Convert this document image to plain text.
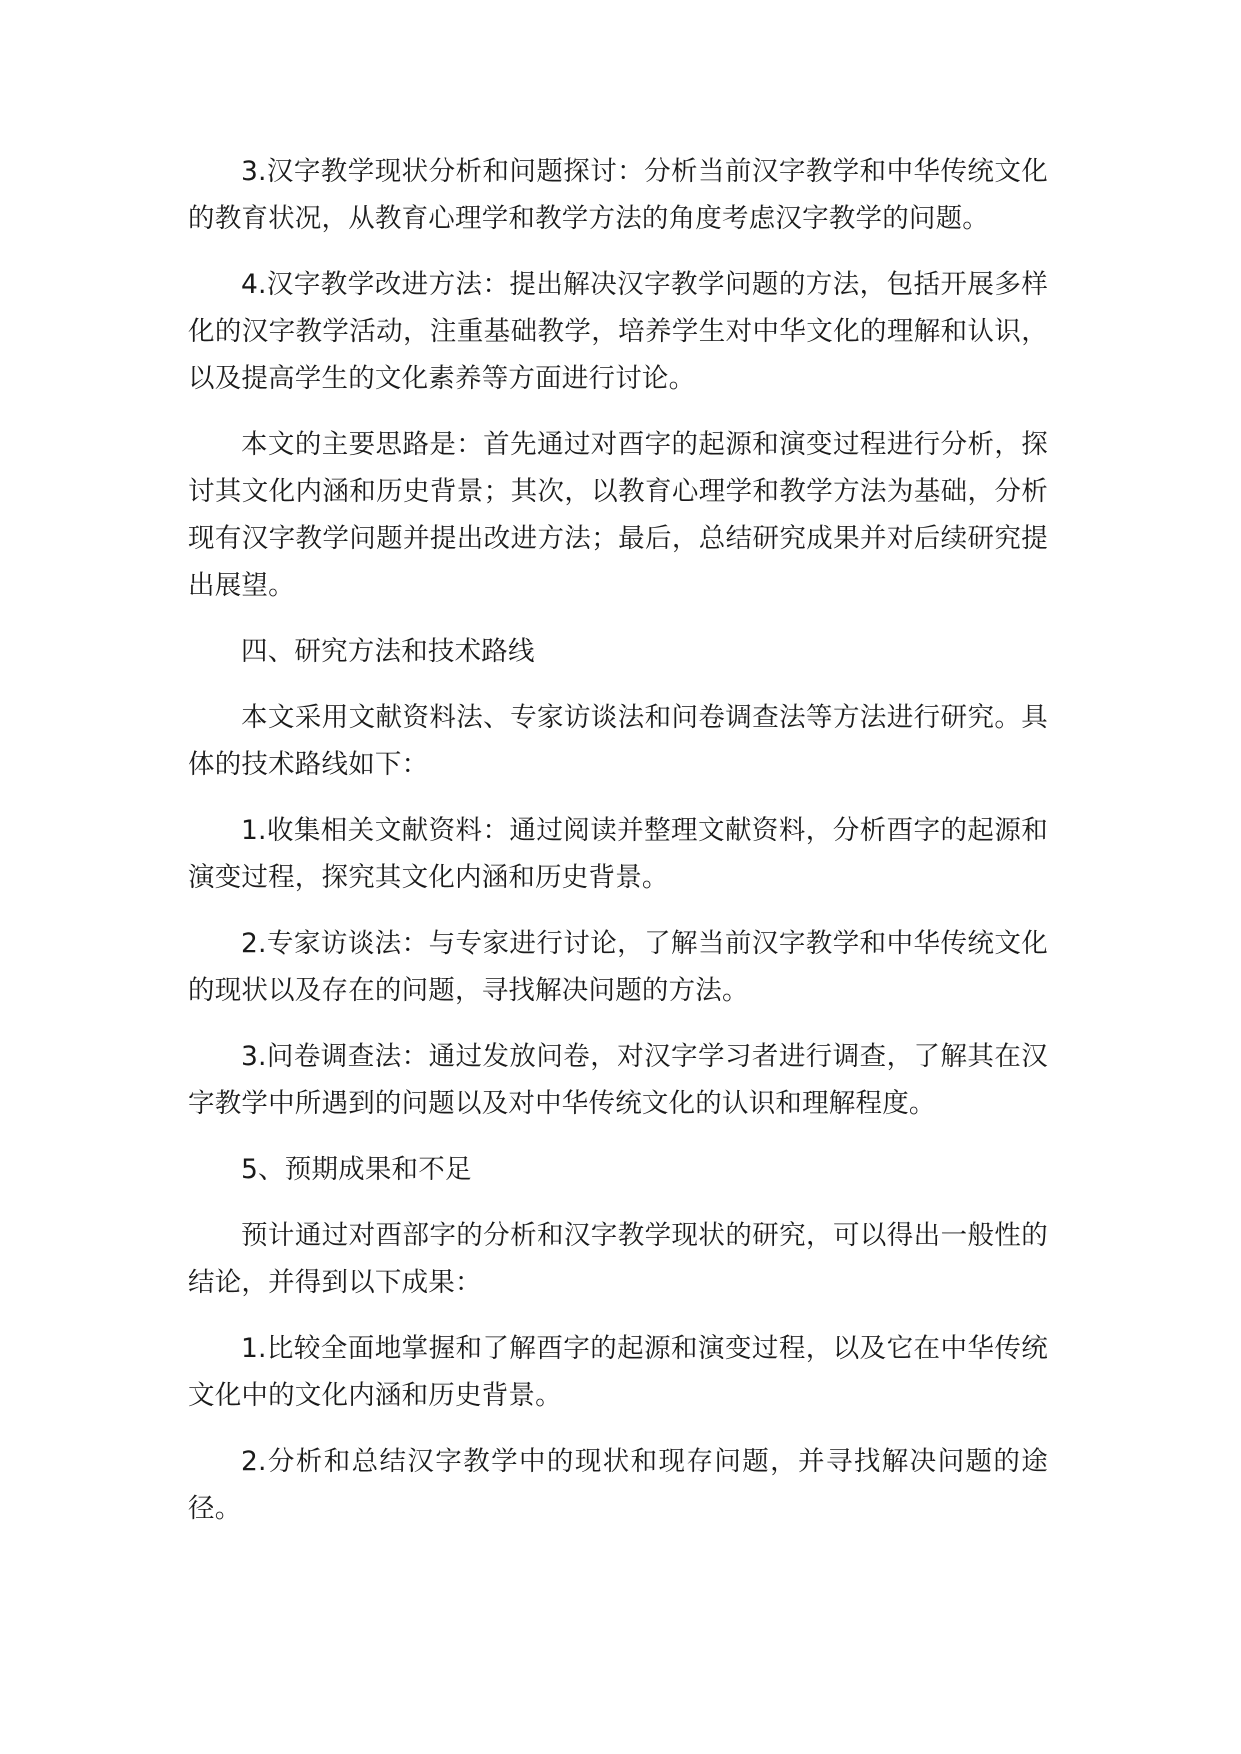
3.汉字教学现状分析和问题探讨：分析当前汉字教学和中华传统文化的教育状况，从教育心理学和教学方法的角度考虑汉字教学的问题。

4.汉字教学改进方法：提出解决汉字教学问题的方法，包括开展多样化的汉字教学活动，注重基础教学，培养学生对中华文化的理解和认识，以及提高学生的文化素养等方面进行讨论。

本文的主要思路是：首先通过对酉字的起源和演变过程进行分析，探讨其文化内涵和历史背景；其次，以教育心理学和教学方法为基础，分析现有汉字教学问题并提出改进方法；最后，总结研究成果并对后续研究提出展望。

四、研究方法和技术路线

本文采用文献资料法、专家访谈法和问卷调查法等方法进行研究。具体的技术路线如下：

1.收集相关文献资料：通过阅读并整理文献资料，分析酉字的起源和演变过程，探究其文化内涵和历史背景。

2.专家访谈法：与专家进行讨论，了解当前汉字教学和中华传统文化的现状以及存在的问题，寻找解决问题的方法。

3.问卷调查法：通过发放问卷，对汉字学习者进行调查，了解其在汉字教学中所遇到的问题以及对中华传统文化的认识和理解程度。

5、预期成果和不足

预计通过对酉部字的分析和汉字教学现状的研究，可以得出一般性的结论，并得到以下成果：

1.比较全面地掌握和了解酉字的起源和演变过程，以及它在中华传统文化中的文化内涵和历史背景。

2.分析和总结汉字教学中的现状和现存问题，并寻找解决问题的途径。
